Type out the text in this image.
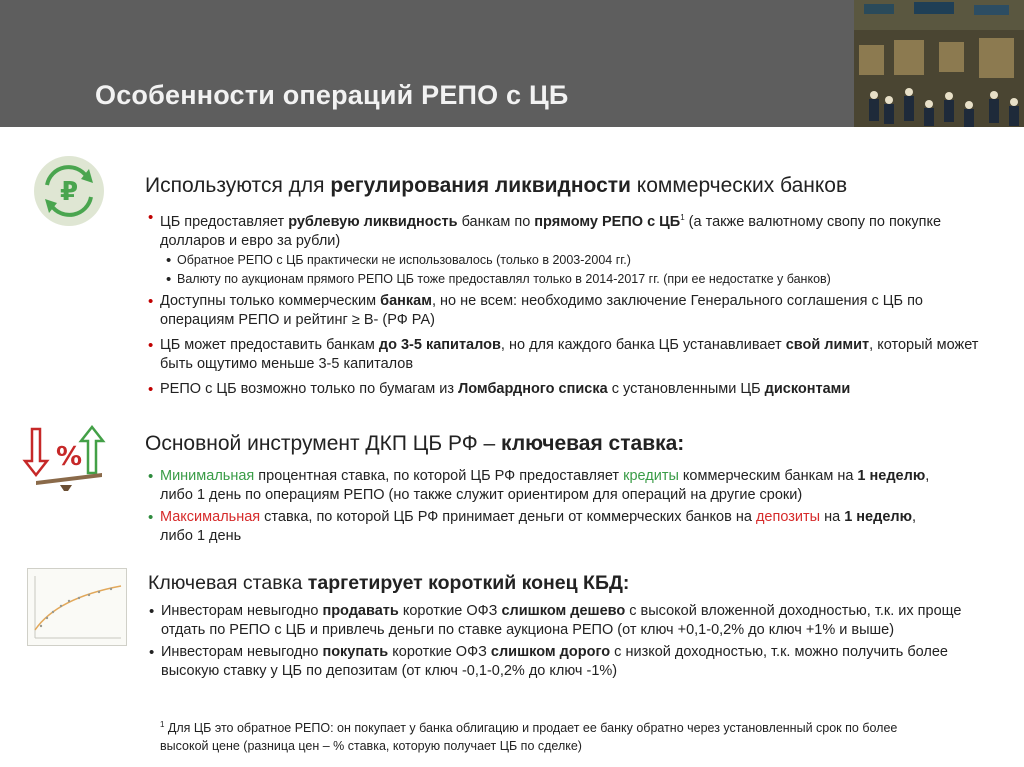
Особенности операций РЕПО с ЦБ
₽	Используются для регулирования ликвидности коммерческих банков

• ЦБ предоставляет рублевую ликвидность банкам по прямому РЕПО с $ЦБ^1$ (а также валютному свопу по покупке долларов и евро за рубли)
• Обратное РЕПО с ЦБ практически не использовалось (только в 2003-2004 гг.)
• Валюту по аукционам прямого РЕПО ЦБ тоже предоставлял только в 2014-2017 гг. (при ее недостатке у банков)
• Доступны только коммерческим банкам, но не всем: необходимо заключение Генерального соглашения с ЦБ по операциям РЕПО и рейтинг ≥ B- (РФ РА)
• ЦБ может предоставить банкам до 3-5 капиталов, но для каждого банка ЦБ устанавливает свой лимит, который может быть ощутимо меньше 3-5 капиталов
• РЕПО с ЦБ возможно только по бумагам из Ломбардного списка с установленными ЦБ дисконтами
%	Основной инструмент ДКП ЦБ РФ – ключевая ставка:

• Минимальная процентная ставка, по которой ЦБ РФ предоставляет кредиты коммерческим банкам на 1 неделю, либо 1 день по операциям РЕПО (но также служит ориентиром для операций на другие сроки)
• Максимальная ставка, по которой ЦБ РФ принимает деньги от коммерческих банков на депозиты на 1 неделю, либо 1 день

Ключевая ставка таргетирует короткий конец КБД:

• Инвесторам невыгодно продавать короткие ОФЗ слишком дешево с высокой вложенной доходностью, т.к. их проще отдать по РЕПО с ЦБ и привлечь деньги по ставке аукциона РЕПО (от ключ +0,1-0,2% до ключ +1% и выше)
• Инвесторам невыгодно покупать короткие ОФЗ слишком дорого с низкой доходностью, т.к. можно получить более высокую ставку у ЦБ по депозитам (от ключ -0,1-0,2% до ключ -1%)

$^1$ Для ЦБ это обратное РЕПО: он покупает у банка облигацию и продает ее банку обратно через установленный срок по более высокой цене (разница цен – % ставка, которую получает ЦБ по сделке)
